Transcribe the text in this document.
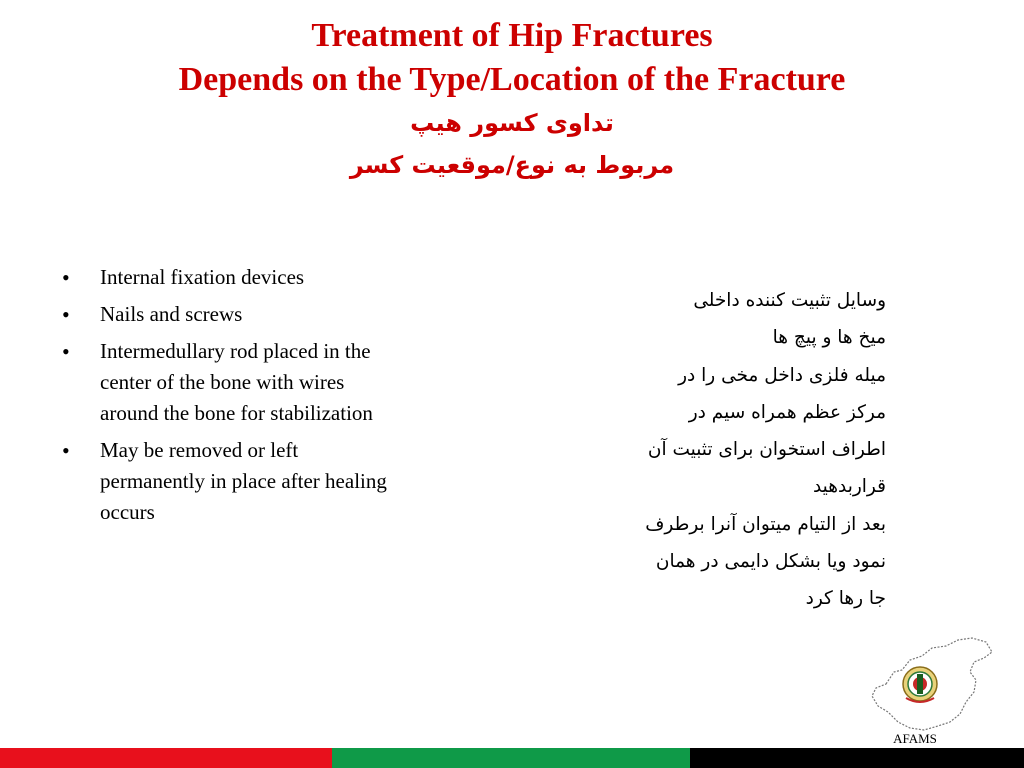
Treatment of Hip Fractures
Depends on the Type/Location of the Fracture
تداوی کسور هیپ
مربوط به نوع/موقعیت کسر
• Internal fixation devices
• Nails and screws
• Intermedullary rod placed in the center of the bone with wires around the bone for stabilization
• May be removed or left permanently in place after healing occurs
وسایل تثبیت کننده داخلی
میخ ها و پیچ ها
میله فلزی داخل مخی را در
مرکز عظم همراه سیم در
اطراف استخوان برای تثبیت آن
قراربدهید
بعد از التیام میتوان آنرا برطرف
نمود ویا بشکل دایمی در همان
جا رها کرد
AFAMS
